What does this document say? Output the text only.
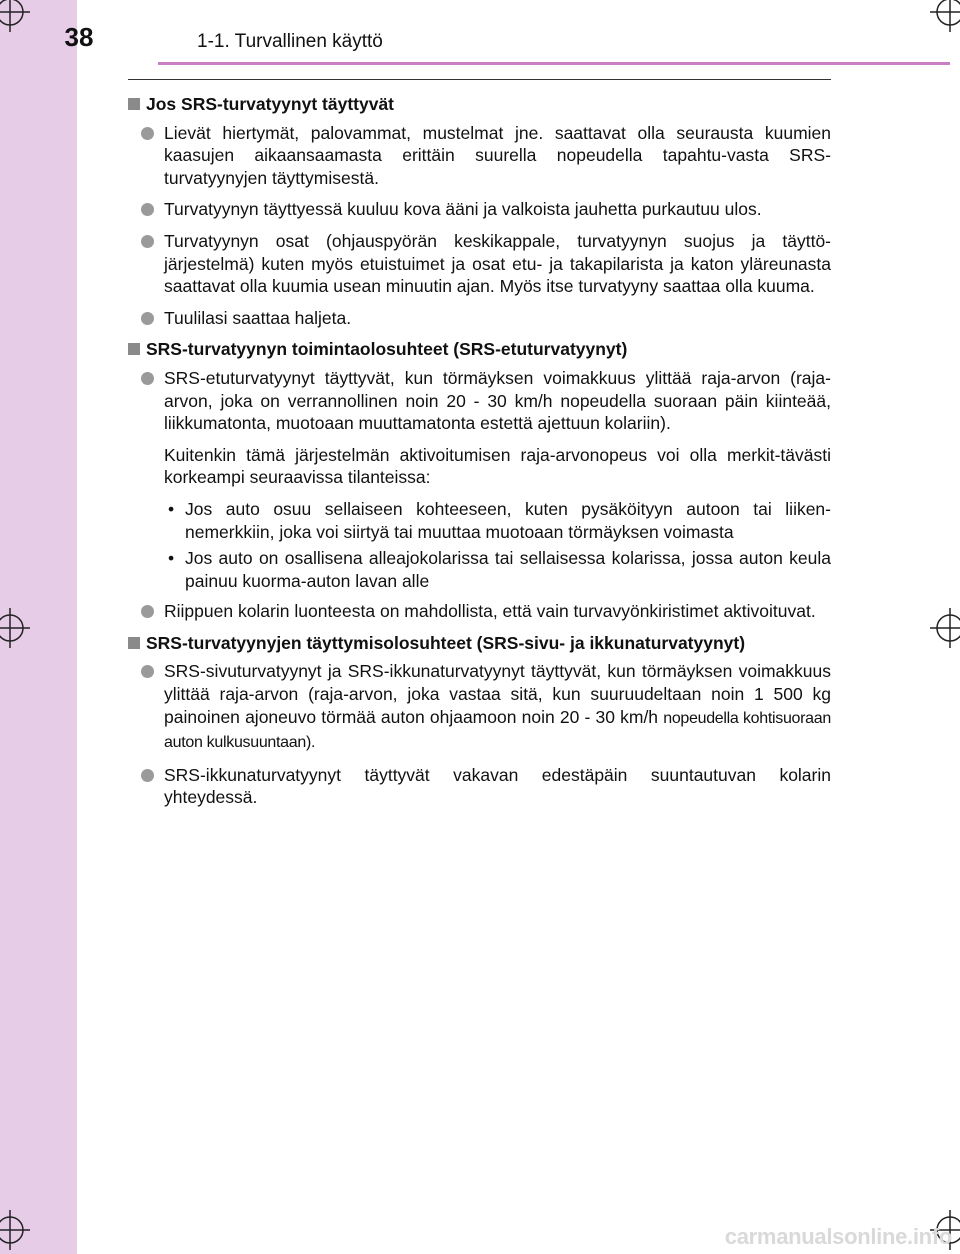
38	1-1. Turvallinen käyttö
Jos SRS-turvatyynyt täyttyvät
Lievät hiertymät, palovammat, mustelmat jne. saattavat olla seurausta kuumien kaasujen aikaansaamasta erittäin suurella nopeudella tapahtu-vasta SRS-turvatyynyjen täyttymisestä.
Turvatyynyn täyttyessä kuuluu kova ääni ja valkoista jauhetta purkautuu ulos.
Turvatyynyn osat (ohjauspyörän keskikappale, turvatyynyn suojus ja täyttö-järjestelmä) kuten myös etuistuimet ja osat etu- ja takapilarista ja katon yläreunasta saattavat olla kuumia usean minuutin ajan. Myös itse turvatyyny saattaa olla kuuma.
Tuulilasi saattaa haljeta.
SRS-turvatyynyn toimintaolosuhteet (SRS-etuturvatyynyt)
SRS-etuturvatyynyt täyttyvät, kun törmäyksen voimakkuus ylittää raja-arvon (raja-arvon, joka on verrannollinen noin 20 - 30 km/h nopeudella suoraan päin kiinteää, liikkumatonta, muotoaan muuttamatonta estettä ajettuun kolariin).
Kuitenkin tämä järjestelmän aktivoitumisen raja-arvonopeus voi olla merkit-tävästi korkeampi seuraavissa tilanteissa:
• Jos auto osuu sellaiseen kohteeseen, kuten pysäköityyn autoon tai liiken-nemerkkiin, joka voi siirtyä tai muuttaa muotoaan törmäyksen voimasta
• Jos auto on osallisena alleajokolarissa tai sellaisessa kolarissa, jossa auton keula painuu kuorma-auton lavan alle
Riippuen kolarin luonteesta on mahdollista, että vain turvavyönkiristimet aktivoituvat.
SRS-turvatyynyjen täyttymisolosuhteet (SRS-sivu- ja ikkunaturvatyynyt)
SRS-sivuturvatyynyt ja SRS-ikkunaturvatyynyt täyttyvät, kun törmäyksen voimakkuus ylittää raja-arvon (raja-arvon, joka vastaa sitä, kun suuruudeltaan noin 1 500 kg painoinen ajoneuvo törmää auton ohjaamoon noin 20 - 30 km/h nopeudella kohtisuoraan auton kulkusuuntaan).
SRS-ikkunaturvatyynyt täyttyvät vakavan edestäpäin suuntautuvan kolarin yhteydessä.
carmanualsonline.info
